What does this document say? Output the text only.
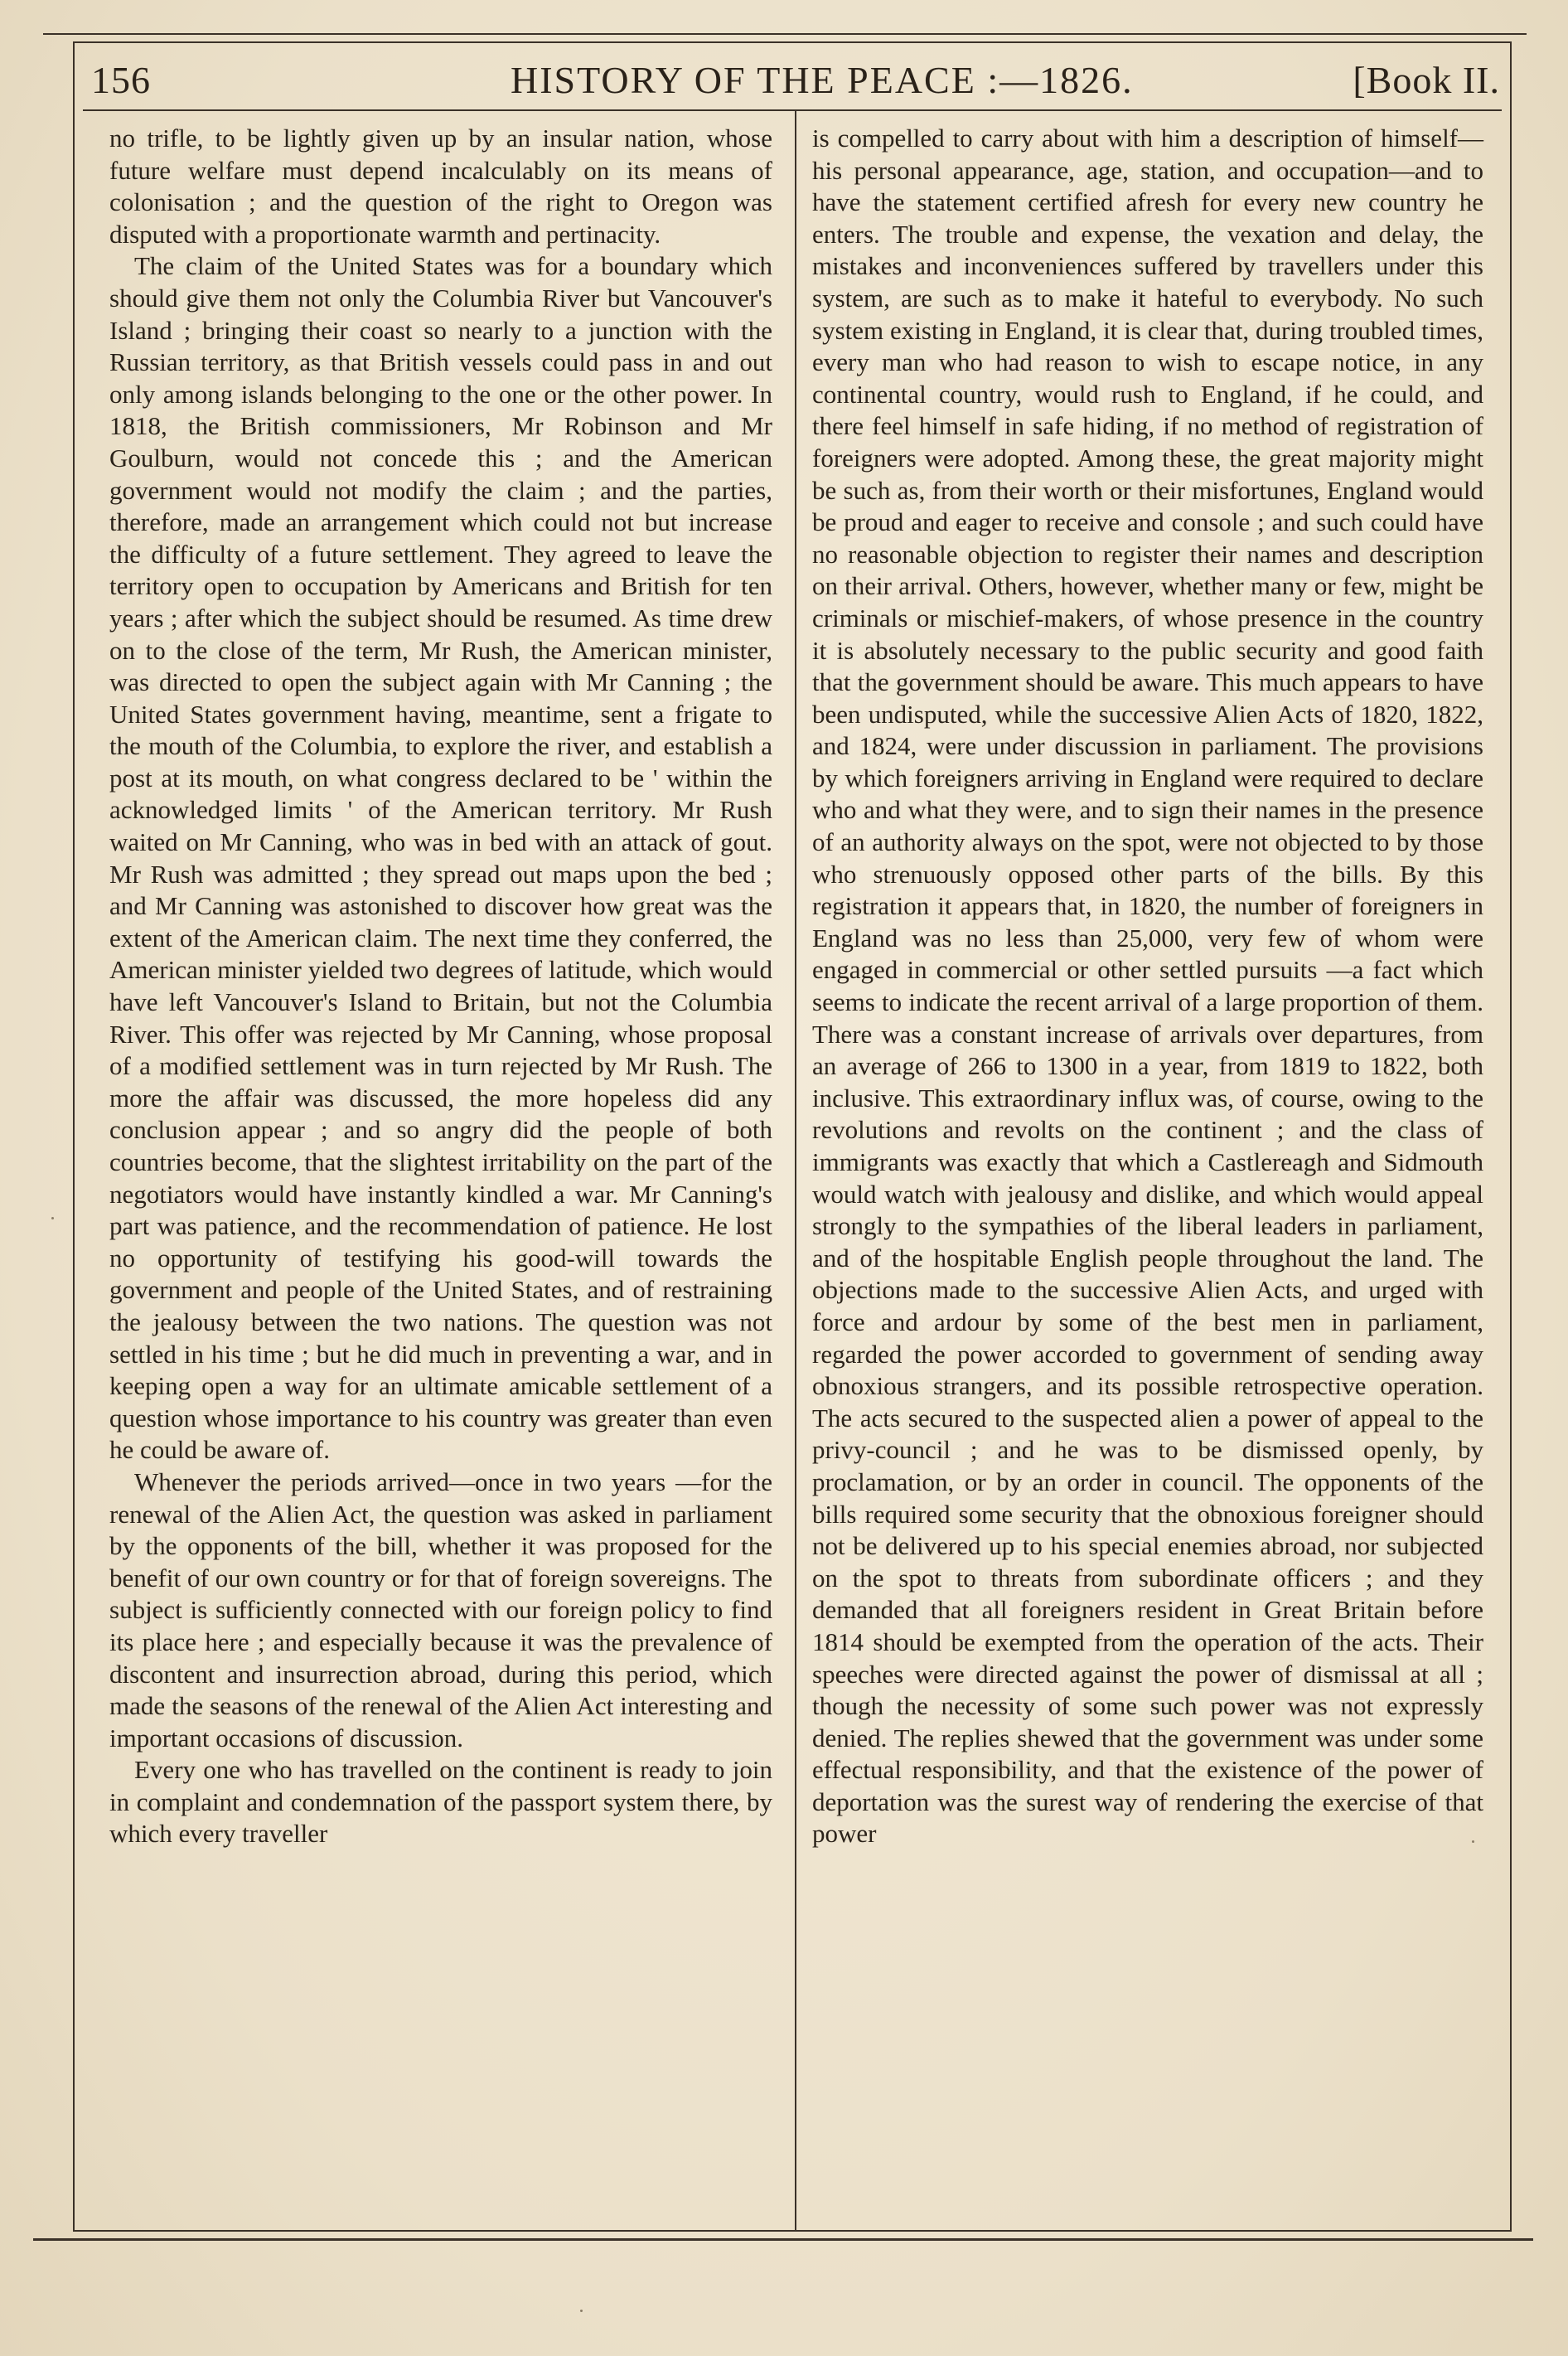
156	HISTORY OF THE PEACE :—1826.	[Book II.

no trifle, to be lightly given up by an insular nation, whose future welfare must depend incalculably on its means of colonisation ; and the question of the right to Oregon was disputed with a proportionate warmth and pertinacity.

The claim of the United States was for a boundary which should give them not only the Columbia River but Vancouver's Island ; bringing their coast so nearly to a junction with the Russian territory, as that British vessels could pass in and out only among islands belonging to the one or the other power. In 1818, the British commissioners, Mr Robinson and Mr Goulburn, would not concede this ; and the American government would not modify the claim ; and the parties, therefore, made an arrangement which could not but increase the difficulty of a future settlement. They agreed to leave the territory open to occupation by Americans and British for ten years ; after which the subject should be resumed. As time drew on to the close of the term, Mr Rush, the American minister, was directed to open the subject again with Mr Canning ; the United States government having, meantime, sent a frigate to the mouth of the Columbia, to explore the river, and establish a post at its mouth, on what congress declared to be ' within the acknowledged limits ' of the American territory. Mr Rush waited on Mr Canning, who was in bed with an attack of gout. Mr Rush was admitted ; they spread out maps upon the bed ; and Mr Canning was astonished to discover how great was the extent of the American claim. The next time they conferred, the American minister yielded two degrees of latitude, which would have left Vancouver's Island to Britain, but not the Columbia River. This offer was rejected by Mr Canning, whose proposal of a modified settlement was in turn rejected by Mr Rush. The more the affair was discussed, the more hopeless did any conclusion appear ; and so angry did the people of both countries become, that the slightest irritability on the part of the negotiators would have instantly kindled a war. Mr Canning's part was patience, and the recommendation of patience. He lost no opportunity of testifying his good-will towards the government and people of the United States, and of restraining the jealousy between the two nations. The question was not settled in his time ; but he did much in preventing a war, and in keeping open a way for an ultimate amicable settlement of a question whose importance to his country was greater than even he could be aware of.

Whenever the periods arrived—once in two years —for the renewal of the Alien Act, the question was asked in parliament by the opponents of the bill, whether it was proposed for the benefit of our own country or for that of foreign sovereigns. The subject is sufficiently connected with our foreign policy to find its place here ; and especially because it was the prevalence of discontent and insurrection abroad, during this period, which made the seasons of the renewal of the Alien Act interesting and important occasions of discussion.

Every one who has travelled on the continent is ready to join in complaint and condemnation of the passport system there, by which every traveller

is compelled to carry about with him a description of himself—his personal appearance, age, station, and occupation—and to have the statement certified afresh for every new country he enters. The trouble and expense, the vexation and delay, the mistakes and inconveniences suffered by travellers under this system, are such as to make it hateful to everybody. No such system existing in England, it is clear that, during troubled times, every man who had reason to wish to escape notice, in any continental country, would rush to England, if he could, and there feel himself in safe hiding, if no method of registration of foreigners were adopted. Among these, the great majority might be such as, from their worth or their misfortunes, England would be proud and eager to receive and console ; and such could have no reasonable objection to register their names and description on their arrival. Others, however, whether many or few, might be criminals or mischief-makers, of whose presence in the country it is absolutely necessary to the public security and good faith that the government should be aware. This much appears to have been undisputed, while the successive Alien Acts of 1820, 1822, and 1824, were under discussion in parliament. The provisions by which foreigners arriving in England were required to declare who and what they were, and to sign their names in the presence of an authority always on the spot, were not objected to by those who strenuously opposed other parts of the bills. By this registration it appears that, in 1820, the number of foreigners in England was no less than 25,000, very few of whom were engaged in commercial or other settled pursuits —a fact which seems to indicate the recent arrival of a large proportion of them. There was a constant increase of arrivals over departures, from an average of 266 to 1300 in a year, from 1819 to 1822, both inclusive. This extraordinary influx was, of course, owing to the revolutions and revolts on the continent ; and the class of immigrants was exactly that which a Castlereagh and Sidmouth would watch with jealousy and dislike, and which would appeal strongly to the sympathies of the liberal leaders in parliament, and of the hospitable English people throughout the land. The objections made to the successive Alien Acts, and urged with force and ardour by some of the best men in parliament, regarded the power accorded to government of sending away obnoxious strangers, and its possible retrospective operation. The acts secured to the suspected alien a power of appeal to the privy-council ; and he was to be dismissed openly, by proclamation, or by an order in council. The opponents of the bills required some security that the obnoxious foreigner should not be delivered up to his special enemies abroad, nor subjected on the spot to threats from subordinate officers ; and they demanded that all foreigners resident in Great Britain before 1814 should be exempted from the operation of the acts. Their speeches were directed against the power of dismissal at all ; though the necessity of some such power was not expressly denied. The replies shewed that the government was under some effectual responsibility, and that the existence of the power of deportation was the surest way of rendering the exercise of that power
